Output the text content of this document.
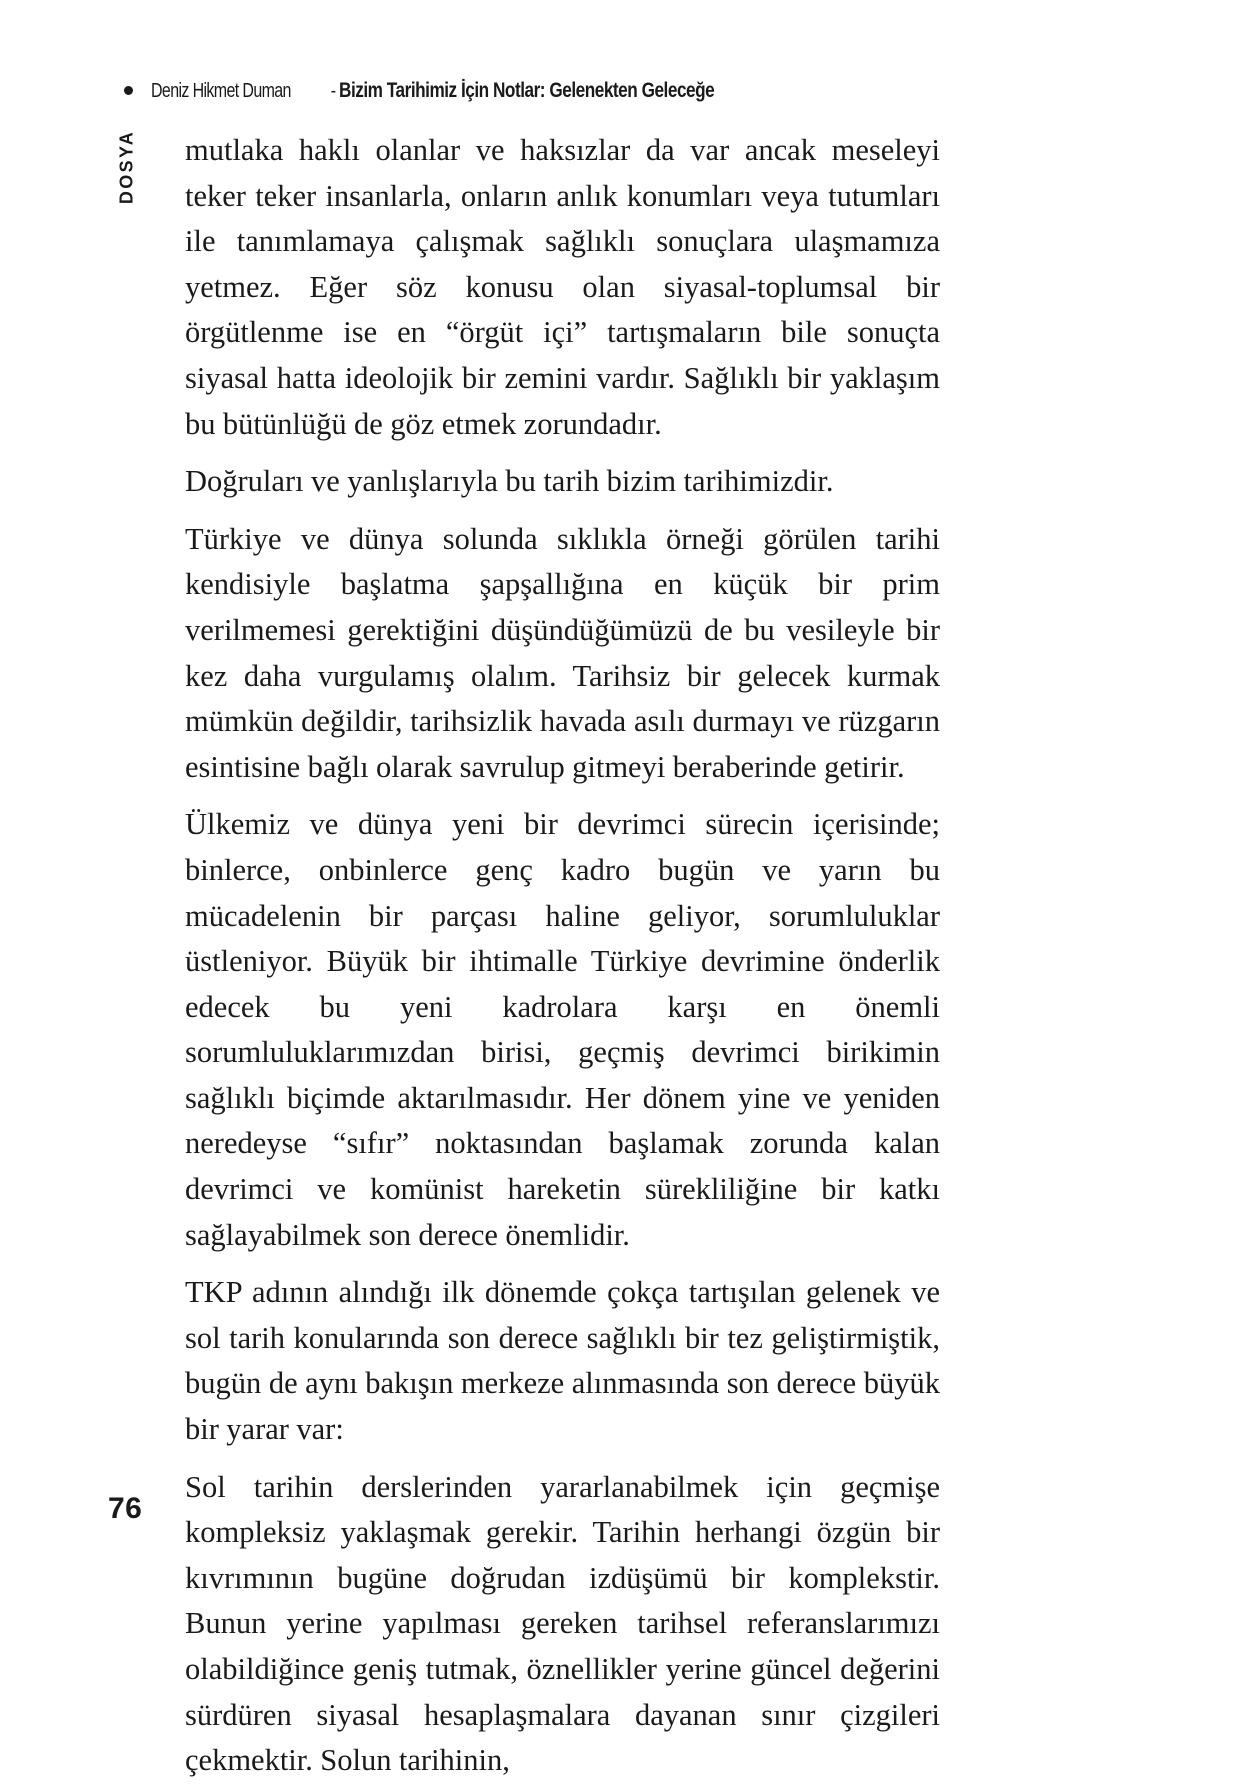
Deniz Hikmet Duman - Bizim Tarihimiz İçin Notlar: Gelenekten Geleceğe
DOSYA mutlaka haklı olanlar ve haksızlar da var ancak meseleyi teker teker insanlarla, onların anlık konumları veya tutumları ile tanımlamaya çalışmak sağlıklı sonuçlara ulaşmamıza yetmez. Eğer söz konusu olan siyasal-toplumsal bir örgütlenme ise en “örgüt içi” tartışmaların bile sonuçta siyasal hatta ideolojik bir zemini vardır. Sağlıklı bir yaklaşım bu bütünlüğü de göz etmek zorundadır.

Doğruları ve yanlışlarıyla bu tarih bizim tarihimizdir.

Türkiye ve dünya solunda sıklıkla örneği görülen tarihi kendisiyle başlatma şapşallığına en küçük bir prim verilmemesi gerektiğini düşündüğümüzü de bu vesileyle bir kez daha vurgulamış olalım. Tarihsiz bir gelecek kurmak mümkün değildir, tarihsizlik havada asılı durmayı ve rüzgarın esintisine bağlı olarak savrulup gitmeyi beraberinde getirir.

Ülkemiz ve dünya yeni bir devrimci sürecin içerisinde; binlerce, onbinlerce genç kadro bugün ve yarın bu mücadelenin bir parçası haline geliyor, sorumluluklar üstleniyor. Büyük bir ihtimalle Türkiye devrimine önderlik edecek bu yeni kadrolara karşı en önemli sorumluluklarımızdan birisi, geçmiş devrimci birikimin sağlıklı biçimde aktarılmasıdır. Her dönem yine ve yeniden neredeyse “sıfır” noktasından başlamak zorunda kalan devrimci ve komünist hareketin sürekliliğine bir katkı sağlayabilmek son derece önemlidir.

TKP adının alındığı ilk dönemde çokça tartışılan gelenek ve sol tarih konularında son derece sağlıklı bir tez geliştirmiştik, bugün de aynı bakışın merkeze alınmasında son derece büyük bir yarar var:

Sol tarihin derslerinden yararlanabilmek için geçmişe kompleksiz yaklaşmak gerekir. Tarihin herhangi özgün bir kıvrımının bugüne doğrudan izdüşümü bir komplekstir. Bunun yerine yapılması gereken tarihsel referanslarımızı olabildiğince geniş tutmak, öznellikler yerine güncel değerini sürdüren siyasal hesaplaşmalara dayanan sınır çizgileri çekmektir. Solun tarihinin,

76
